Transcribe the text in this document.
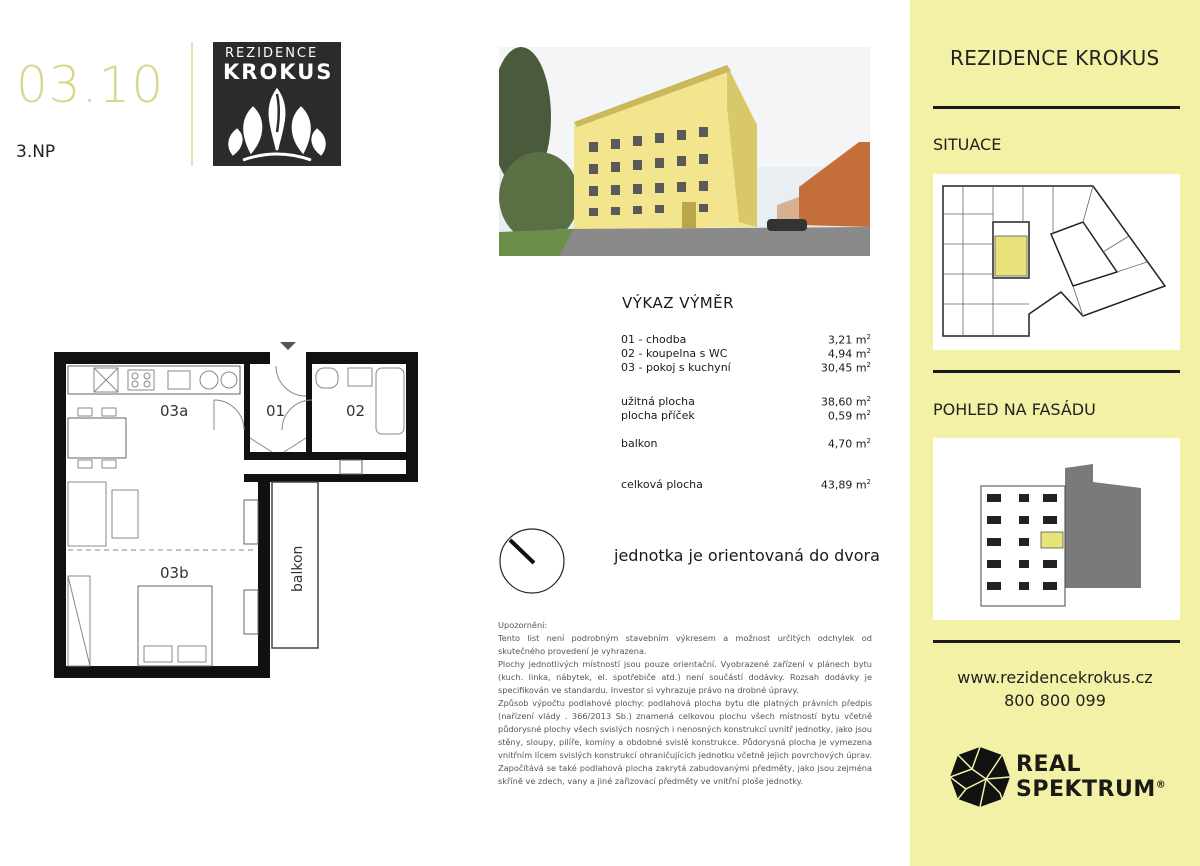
03.10
3.NP
REZIDENCE
KROKUS
VÝKAZ VÝMĚR
01 - chodba	3,21 $m^2$
02 - koupelna s WC	4,94 $m^2$
03 - pokoj s kuchyní	30,45 $m^2$
užitná plocha	38,60 $m^2$
plocha příček	0,59 $m^2$
balkon	4,70 $m^2$
celková plocha	43,89 $m^2$
jednotka je orientovaná do dvora
Upozornění:
Tento list není podrobným stavebním výkresem a možnost určitých odchylek od skutečného provedení je vyhrazena.
Plochy jednotlivých místností jsou pouze orientační. Vyobrazené zařízení v plánech bytu (kuch. linka, nábytek, el. spotřebiče atd.) není součástí dodávky. Rozsah dodávky je specifikován ve standardu. Investor si vyhrazuje právo na drobné úpravy.
Způsob výpočtu podlahové plochy: podlahová plocha bytu dle platných právních předpis (nařízení vlády . 366/2013 Sb.) znamená celkovou plochu všech místností bytu včetně půdorysné plochy všech svislých nosných i nenosných konstrukcí uvnitř jednotky, jako jsou stěny, sloupy, pilíře, komíny a obdobné svislé konstrukce. Půdorysná plocha je vymezena vnitřním lícem svislých konstrukcí ohraničujících jednotku včetně jejich povrchových úprav.
Započítává se také podlahová plocha zakrytá zabudovanými předměty, jako jsou zejména skříně ve zdech, vany a jiné zařizovací předměty ve vnitřní ploše jednotky.
03a	01	02
03b	balkon
REZIDENCE KROKUS
SITUACE
POHLED NA FASÁDU
www.rezidencekrokus.cz
800 800 099
REAL
SPEKTRUM®
